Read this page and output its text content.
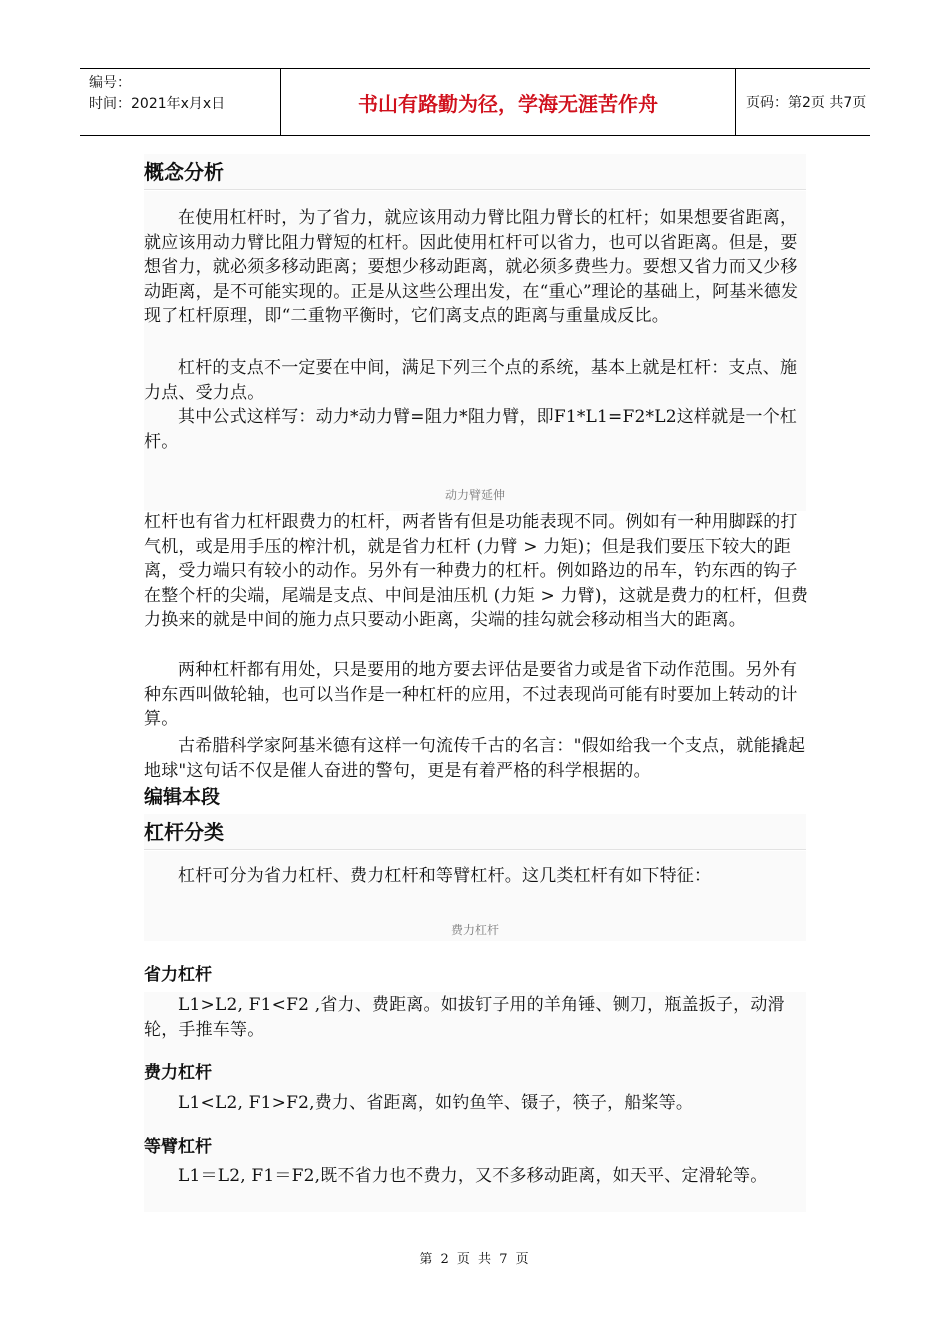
编号：
时间：2021年x月x日	书山有路勤为径，学海无涯苦作舟	页码：第2页 共7页
概念分析

在使用杠杆时，为了省力，就应该用动力臂比阻力臂长的杠杆；如果想要省距离，就应该用动力臂比阻力臂短的杠杆。因此使用杠杆可以省力，也可以省距离。但是，要想省力，就必须多移动距离；要想少移动距离，就必须多费些力。要想又省力而又少移动距离，是不可能实现的。正是从这些公理出发，在“重心”理论的基础上，阿基米德发现了杠杆原理，即“二重物平衡时，它们离支点的距离与重量成反比。

杠杆的支点不一定要在中间，满足下列三个点的系统，基本上就是杠杆：支点、施力点、受力点。

其中公式这样写：动力*动力臂=阻力*阻力臂，即F1*L1=F2*L2这样就是一个杠杆。

动力臂延伸

杠杆也有省力杠杆跟费力的杠杆，两者皆有但是功能表现不同。例如有一种用脚踩的打气机，或是用手压的榨汁机，就是省力杠杆 (力臂 > 力矩)；但是我们要压下较大的距离，受力端只有较小的动作。另外有一种费力的杠杆。例如路边的吊车，钓东西的钩子在整个杆的尖端，尾端是支点、中间是油压机 (力矩 > 力臂)，这就是费力的杠杆，但费力换来的就是中间的施力点只要动小距离，尖端的挂勾就会移动相当大的距离。

两种杠杆都有用处，只是要用的地方要去评估是要省力或是省下动作范围。另外有种东西叫做轮轴，也可以当作是一种杠杆的应用，不过表现尚可能有时要加上转动的计算。

古希腊科学家阿基米德有这样一句流传千古的名言："假如给我一个支点，就能撬起地球"这句话不仅是催人奋进的警句，更是有着严格的科学根据的。

编辑本段
杠杆分类

杠杆可分为省力杠杆、费力杠杆和等臂杠杆。这几类杠杆有如下特征：

费力杠杆
省力杠杆

L1>L2, F1<F2 ,省力、费距离。如拔钉子用的羊角锤、铡刀，瓶盖扳子，动滑轮，手推车等。

费力杠杆

L1<L2, F1>F2,费力、省距离，如钓鱼竿、镊子，筷子，船桨等。

等臂杠杆

L1＝L2, F1＝F2,既不省力也不费力，又不多移动距离，如天平、定滑轮等。

第 2 页 共 7 页
